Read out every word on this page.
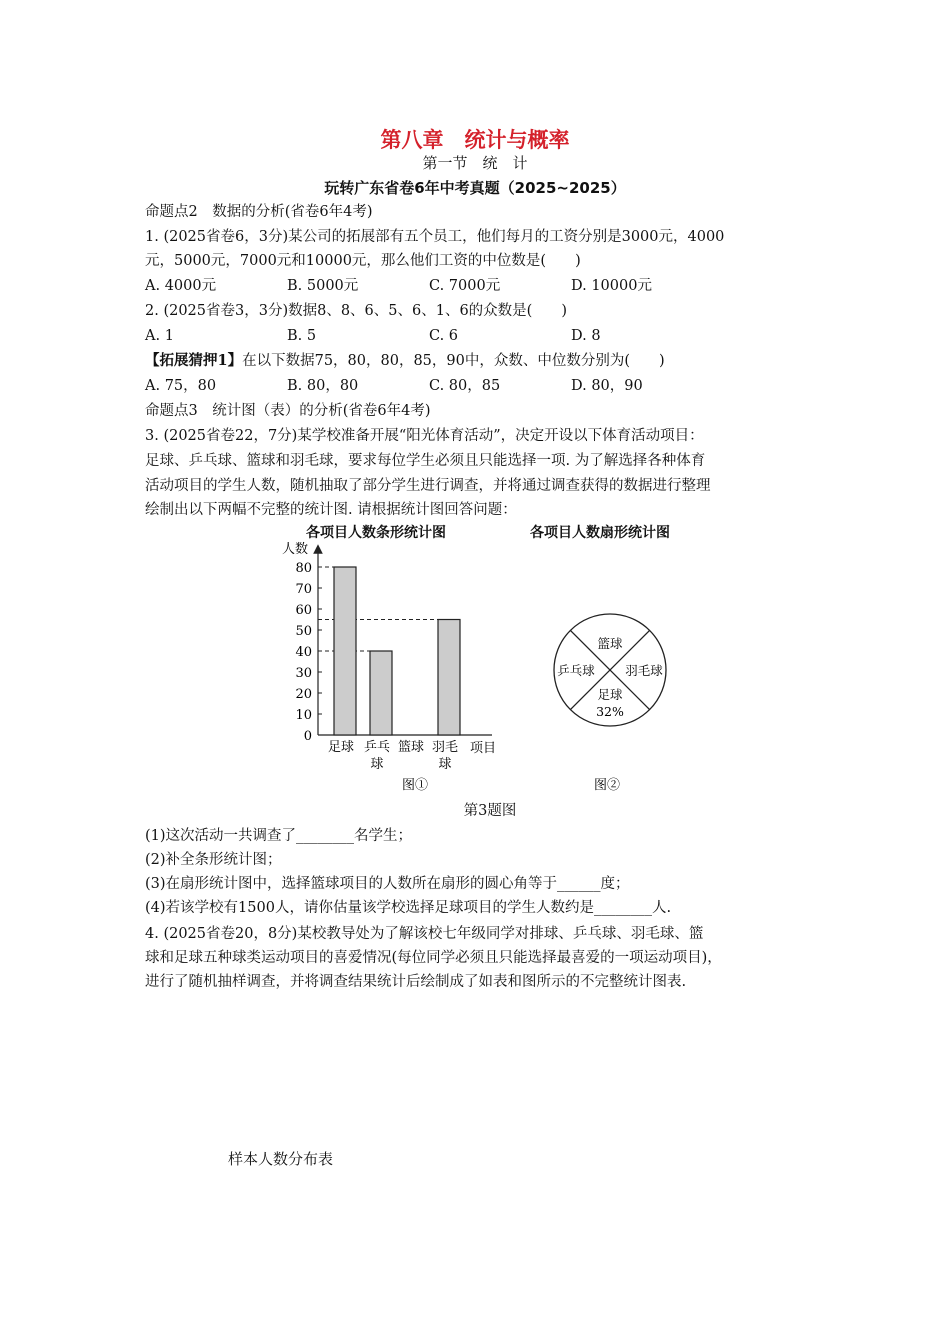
第八章　统计与概率
第一节　统　计
玩转广东省卷6年中考真题（2025~2025）
命题点2　数据的分析(省卷6年4考)
1. (2025省卷6，3分)某公司的拓展部有五个员工，他们每月的工资分别是3000元，4000
元，5000元，7000元和10000元，那么他们工资的中位数是(　　)
A. 4000元	B. 5000元	C. 7000元	D. 10000元
2. (2025省卷3，3分)数据8、8、6、5、6、1、6的众数是(　　)
A. 1	B. 5	C. 6	D. 8
【拓展猜押1】在以下数据75，80，80，85，90中，众数、中位数分别为(　　)
A. 75，80	B. 80，80	C. 80，85	D. 80，90
命题点3　统计图（表）的分析(省卷6年4考)
3. (2025省卷22，7分)某学校准备开展“阳光体育活动”，决定开设以下体育活动项目：
足球、乒乓球、篮球和羽毛球，要求每位学生必须且只能选择一项. 为了解选择各种体育
活动项目的学生人数，随机抽取了部分学生进行调查，并将通过调查获得的数据进行整理
绘制出以下两幅不完整的统计图. 请根据统计图回答问题：
各项目人数条形统计图	各项目人数扇形统计图
人数
项目
0
10
20
30
40
50
60
70
80
足球 乒乓
球
篮球 羽毛
球
图①
篮球
乒乓球 羽毛球
足球
32%
图②
第3题图
(1)这次活动一共调查了________名学生；
(2)补全条形统计图；
(3)在扇形统计图中，选择篮球项目的人数所在扇形的圆心角等于______度；
(4)若该学校有1500人，请你估量该学校选择足球项目的学生人数约是________人.
4. (2025省卷20，8分)某校教导处为了解该校七年级同学对排球、乒乓球、羽毛球、篮
球和足球五种球类运动项目的喜爱情况(每位同学必须且只能选择最喜爱的一项运动项目)，
进行了随机抽样调查，并将调查结果统计后绘制成了如表和图所示的不完整统计图表.
样本人数分布表
